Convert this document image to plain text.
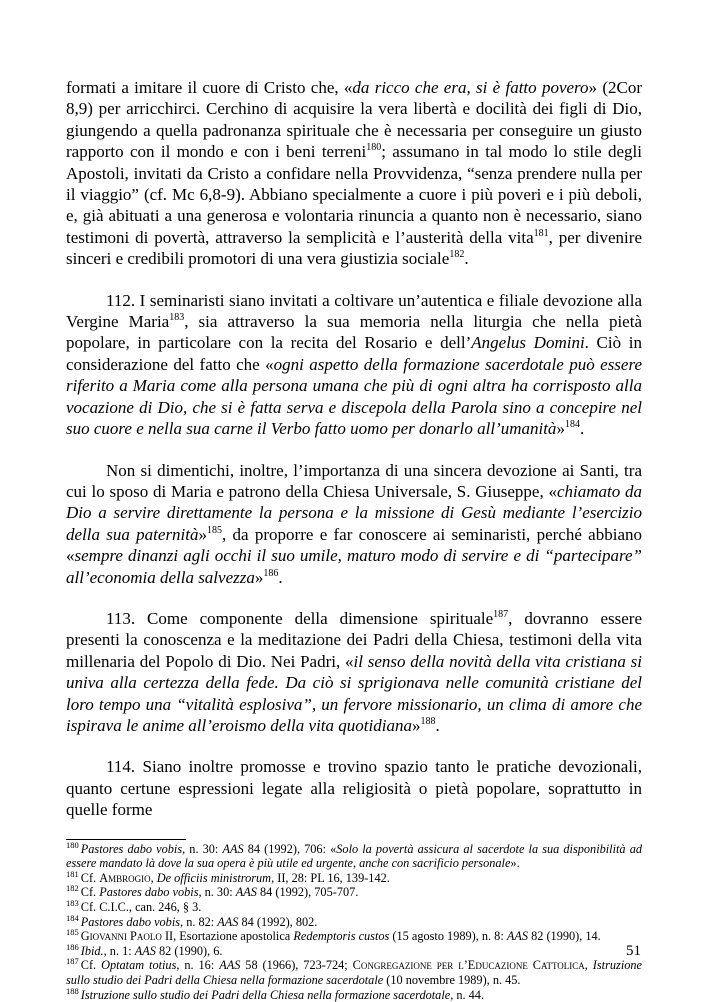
formati a imitare il cuore di Cristo che, «da ricco che era, si è fatto povero» (2Cor 8,9) per arricchirci. Cerchino di acquisire la vera libertà e docilità dei figli di Dio, giungendo a quella padronanza spirituale che è necessaria per conseguire un giusto rapporto con il mondo e con i beni terreni$^{180}$; assumano in tal modo lo stile degli Apostoli, invitati da Cristo a confidare nella Provvidenza, “senza prendere nulla per il viaggio” (cf. Mc 6,8-9). Abbiano specialmente a cuore i più poveri e i più deboli, e, già abituati a una generosa e volontaria rinuncia a quanto non è necessario, siano testimoni di povertà, attraverso la semplicità e l’austerità della vita$^{181}$, per divenire sinceri e credibili promotori di una vera giustizia sociale$^{182}$.

112. I seminaristi siano invitati a coltivare un’autentica e filiale devozione alla Vergine Maria$^{183}$, sia attraverso la sua memoria nella liturgia che nella pietà popolare, in particolare con la recita del Rosario e dell’Angelus Domini. Ciò in considerazione del fatto che «ogni aspetto della formazione sacerdotale può essere riferito a Maria come alla persona umana che più di ogni altra ha corrisposto alla vocazione di Dio, che si è fatta serva e discepola della Parola sino a concepire nel suo cuore e nella sua carne il Verbo fatto uomo per donarlo all’umanità»$^{184}$.

Non si dimentichi, inoltre, l’importanza di una sincera devozione ai Santi, tra cui lo sposo di Maria e patrono della Chiesa Universale, S. Giuseppe, «chiamato da Dio a servire direttamente la persona e la missione di Gesù mediante l’esercizio della sua paternità»$^{185}$, da proporre e far conoscere ai seminaristi, perché abbiano «sempre dinanzi agli occhi il suo umile, maturo modo di servire e di “partecipare” all’economia della salvezza»$^{186}$.

113. Come componente della dimensione spirituale$^{187}$, dovranno essere presenti la conoscenza e la meditazione dei Padri della Chiesa, testimoni della vita millenaria del Popolo di Dio. Nei Padri, «il senso della novità della vita cristiana si univa alla certezza della fede. Da ciò si sprigionava nelle comunità cristiane del loro tempo una “vitalità esplosiva”, un fervore missionario, un clima di amore che ispirava le anime all’eroismo della vita quotidiana»$^{188}$.

114. Siano inoltre promosse e trovino spazio tanto le pratiche devozionali, quanto certune espressioni legate alla religiosità o pietà popolare, soprattutto in quelle forme

$^{180}$ Pastores dabo vobis, n. 30: AAS 84 (1992), 706: «Solo la povertà assicura al sacerdote la sua disponibilità ad essere mandato là dove la sua opera è più utile ed urgente, anche con sacrificio personale».

$^{181}$ Cf. Ambrogio, De officiis ministrorum, II, 28: PL 16, 139-142.

$^{182}$ Cf. Pastores dabo vobis, n. 30: AAS 84 (1992), 705-707.

$^{183}$ Cf. C.I.C., can. 246, § 3.

$^{184}$ Pastores dabo vobis, n. 82: AAS 84 (1992), 802.

$^{185}$ Giovanni Paolo II, Esortazione apostolica Redemptoris custos (15 agosto 1989), n. 8: AAS 82 (1990), 14.

$^{186}$ Ibid., n. 1: AAS 82 (1990), 6.

$^{187}$ Cf. Optatam totius, n. 16: AAS 58 (1966), 723-724; Congregazione per l’Educazione Cattolica, Istruzione sullo studio dei Padri della Chiesa nella formazione sacerdotale (10 novembre 1989), n. 45.

$^{188}$ Istruzione sullo studio dei Padri della Chiesa nella formazione sacerdotale, n. 44.

51
